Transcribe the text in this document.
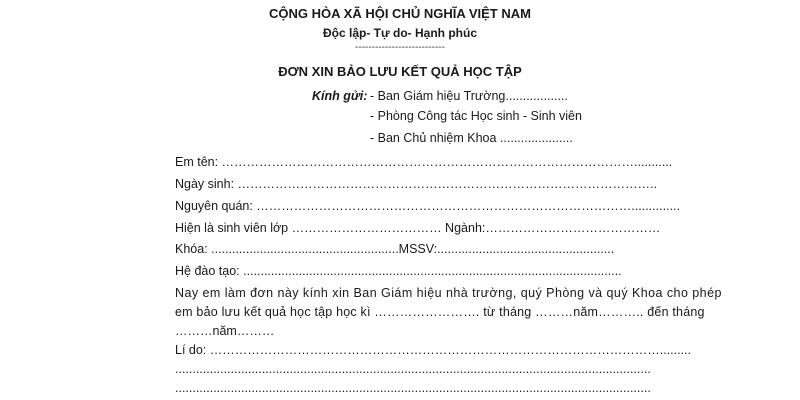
CỘNG HÒA XÃ HỘI CHỦ NGHĨA VIỆT NAM
Độc lập- Tự do- Hạnh phúc
---------------------------
ĐƠN XIN BẢO LƯU KẾT QUẢ HỌC TẬP
Kính gửi: - Ban Giám hiệu Trường..................
- Phòng Công tác Học sinh - Sinh viên
- Ban Chủ nhiệm Khoa .....................
Em tên: ………………………………………………………………………………………...........
Ngày sinh: ………………………………………………………………………………………..
Nguyên quán: ………………………………………………………………………………..............
Hiện là sinh viên lớp ……………………………… Ngành:……………………………………
Khóa: ......................................................MSSV:...................................................
Hệ đào tạo: .............................................................................................................
Nay em làm đơn này kính xin Ban Giám hiệu nhà trường, quý Phòng và quý Khoa cho phép
em bảo lưu kết quả học tập học kì ……………………. từ tháng ………năm……….. đến tháng
………năm………
Lí do: ……………………………………………………………………………………………….........
.........................................................................................................................................
.........................................................................................................................................
